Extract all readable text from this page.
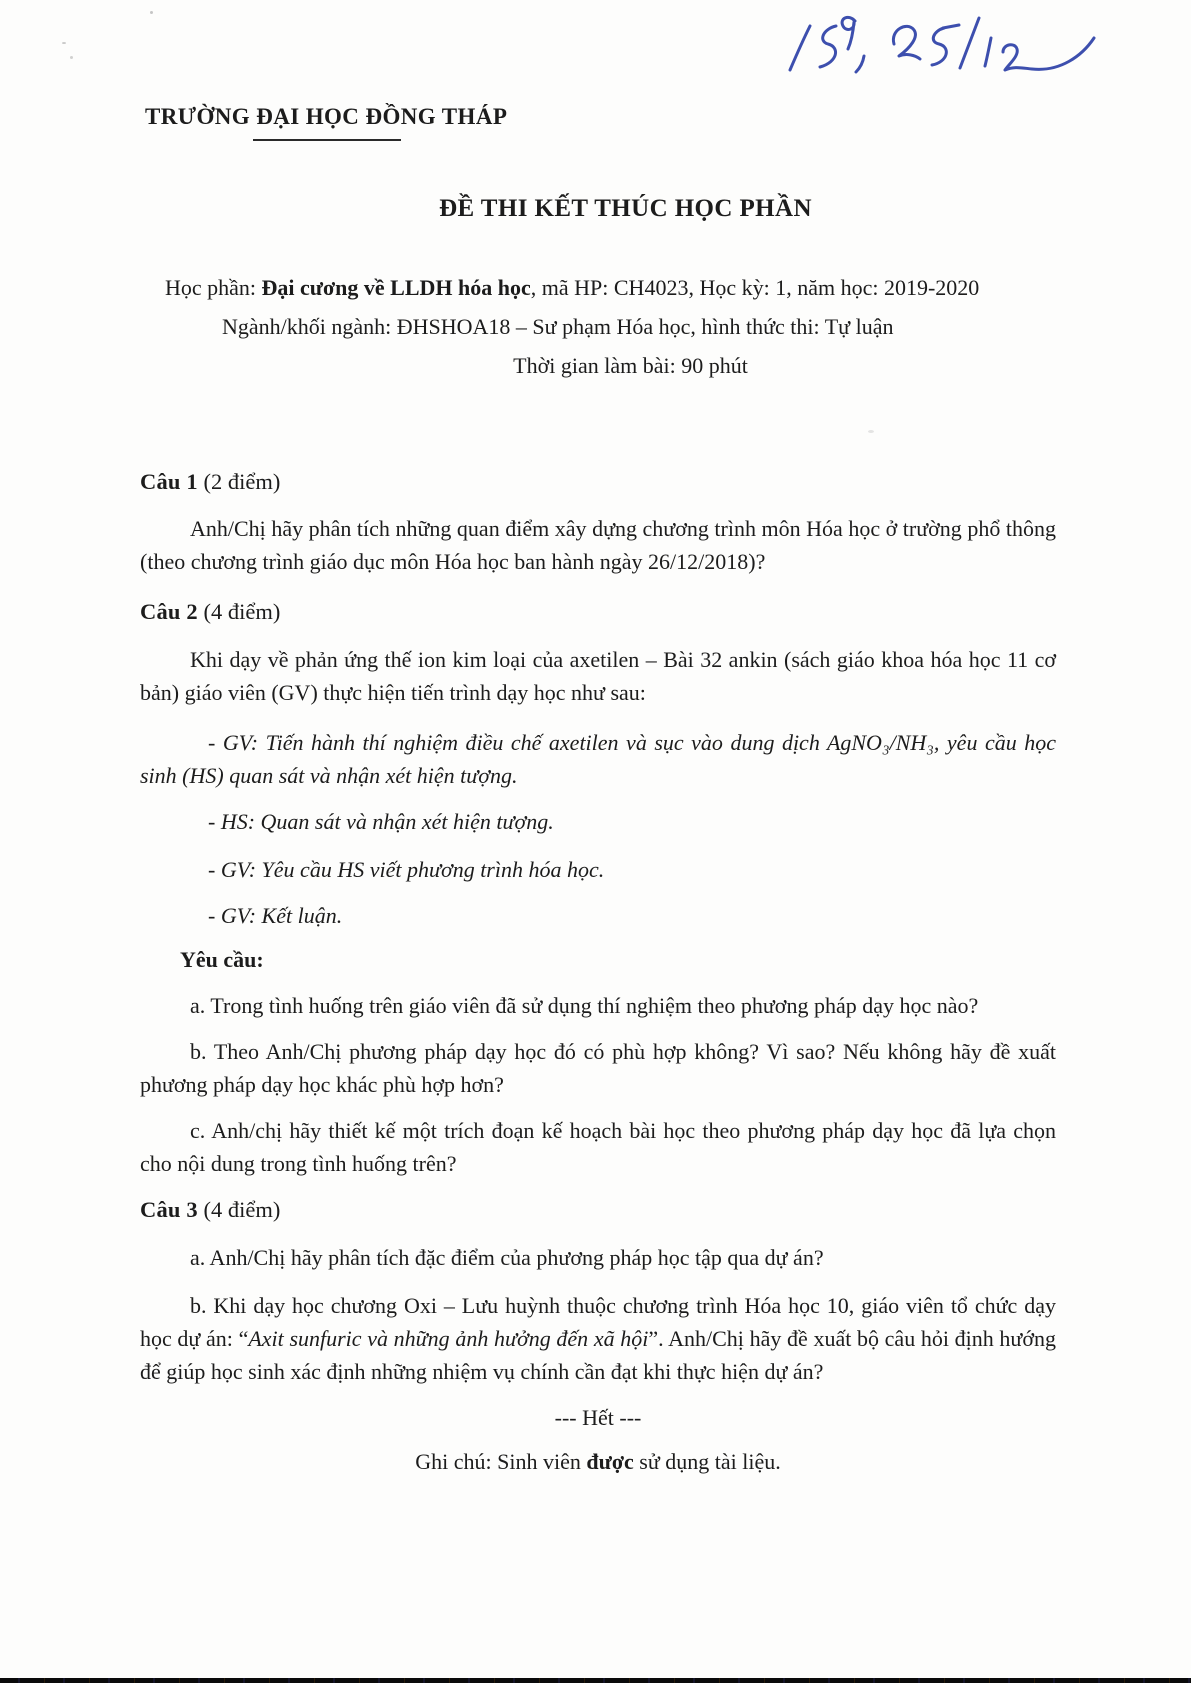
TRƯỜNG ĐẠI HỌC ĐỒNG THÁP

ĐỀ THI KẾT THÚC HỌC PHẦN

Học phần: Đại cương về LLDH hóa học, mã HP: CH4023, Học kỳ: 1, năm học: 2019-2020

Ngành/khối ngành: ĐHSHOA18 – Sư phạm Hóa học, hình thức thi: Tự luận

Thời gian làm bài: 90 phút

Câu 1 (2 điểm)

Anh/Chị hãy phân tích những quan điểm xây dựng chương trình môn Hóa học ở trường phổ thông (theo chương trình giáo dục môn Hóa học ban hành ngày 26/12/2018)?

Câu 2 (4 điểm)

Khi dạy về phản ứng thế ion kim loại của axetilen – Bài 32 ankin (sách giáo khoa hóa học 11 cơ bản) giáo viên (GV) thực hiện tiến trình dạy học như sau:

- GV: Tiến hành thí nghiệm điều chế axetilen và sục vào dung dịch AgNO₃/NH₃, yêu cầu học sinh (HS) quan sát và nhận xét hiện tượng.

- HS: Quan sát và nhận xét hiện tượng.

- GV: Yêu cầu HS viết phương trình hóa học.

- GV: Kết luận.

Yêu cầu:

a. Trong tình huống trên giáo viên đã sử dụng thí nghiệm theo phương pháp dạy học nào?

b. Theo Anh/Chị phương pháp dạy học đó có phù hợp không? Vì sao? Nếu không hãy đề xuất phương pháp dạy học khác phù hợp hơn?

c. Anh/chị hãy thiết kế một trích đoạn kế hoạch bài học theo phương pháp dạy học đã lựa chọn cho nội dung trong tình huống trên?

Câu 3 (4 điểm)

a. Anh/Chị hãy phân tích đặc điểm của phương pháp học tập qua dự án?

b. Khi dạy học chương Oxi – Lưu huỳnh thuộc chương trình Hóa học 10, giáo viên tổ chức dạy học dự án: “Axit sunfuric và những ảnh hưởng đến xã hội”. Anh/Chị hãy đề xuất bộ câu hỏi định hướng để giúp học sinh xác định những nhiệm vụ chính cần đạt khi thực hiện dự án?

--- Hết ---

Ghi chú: Sinh viên được sử dụng tài liệu.
